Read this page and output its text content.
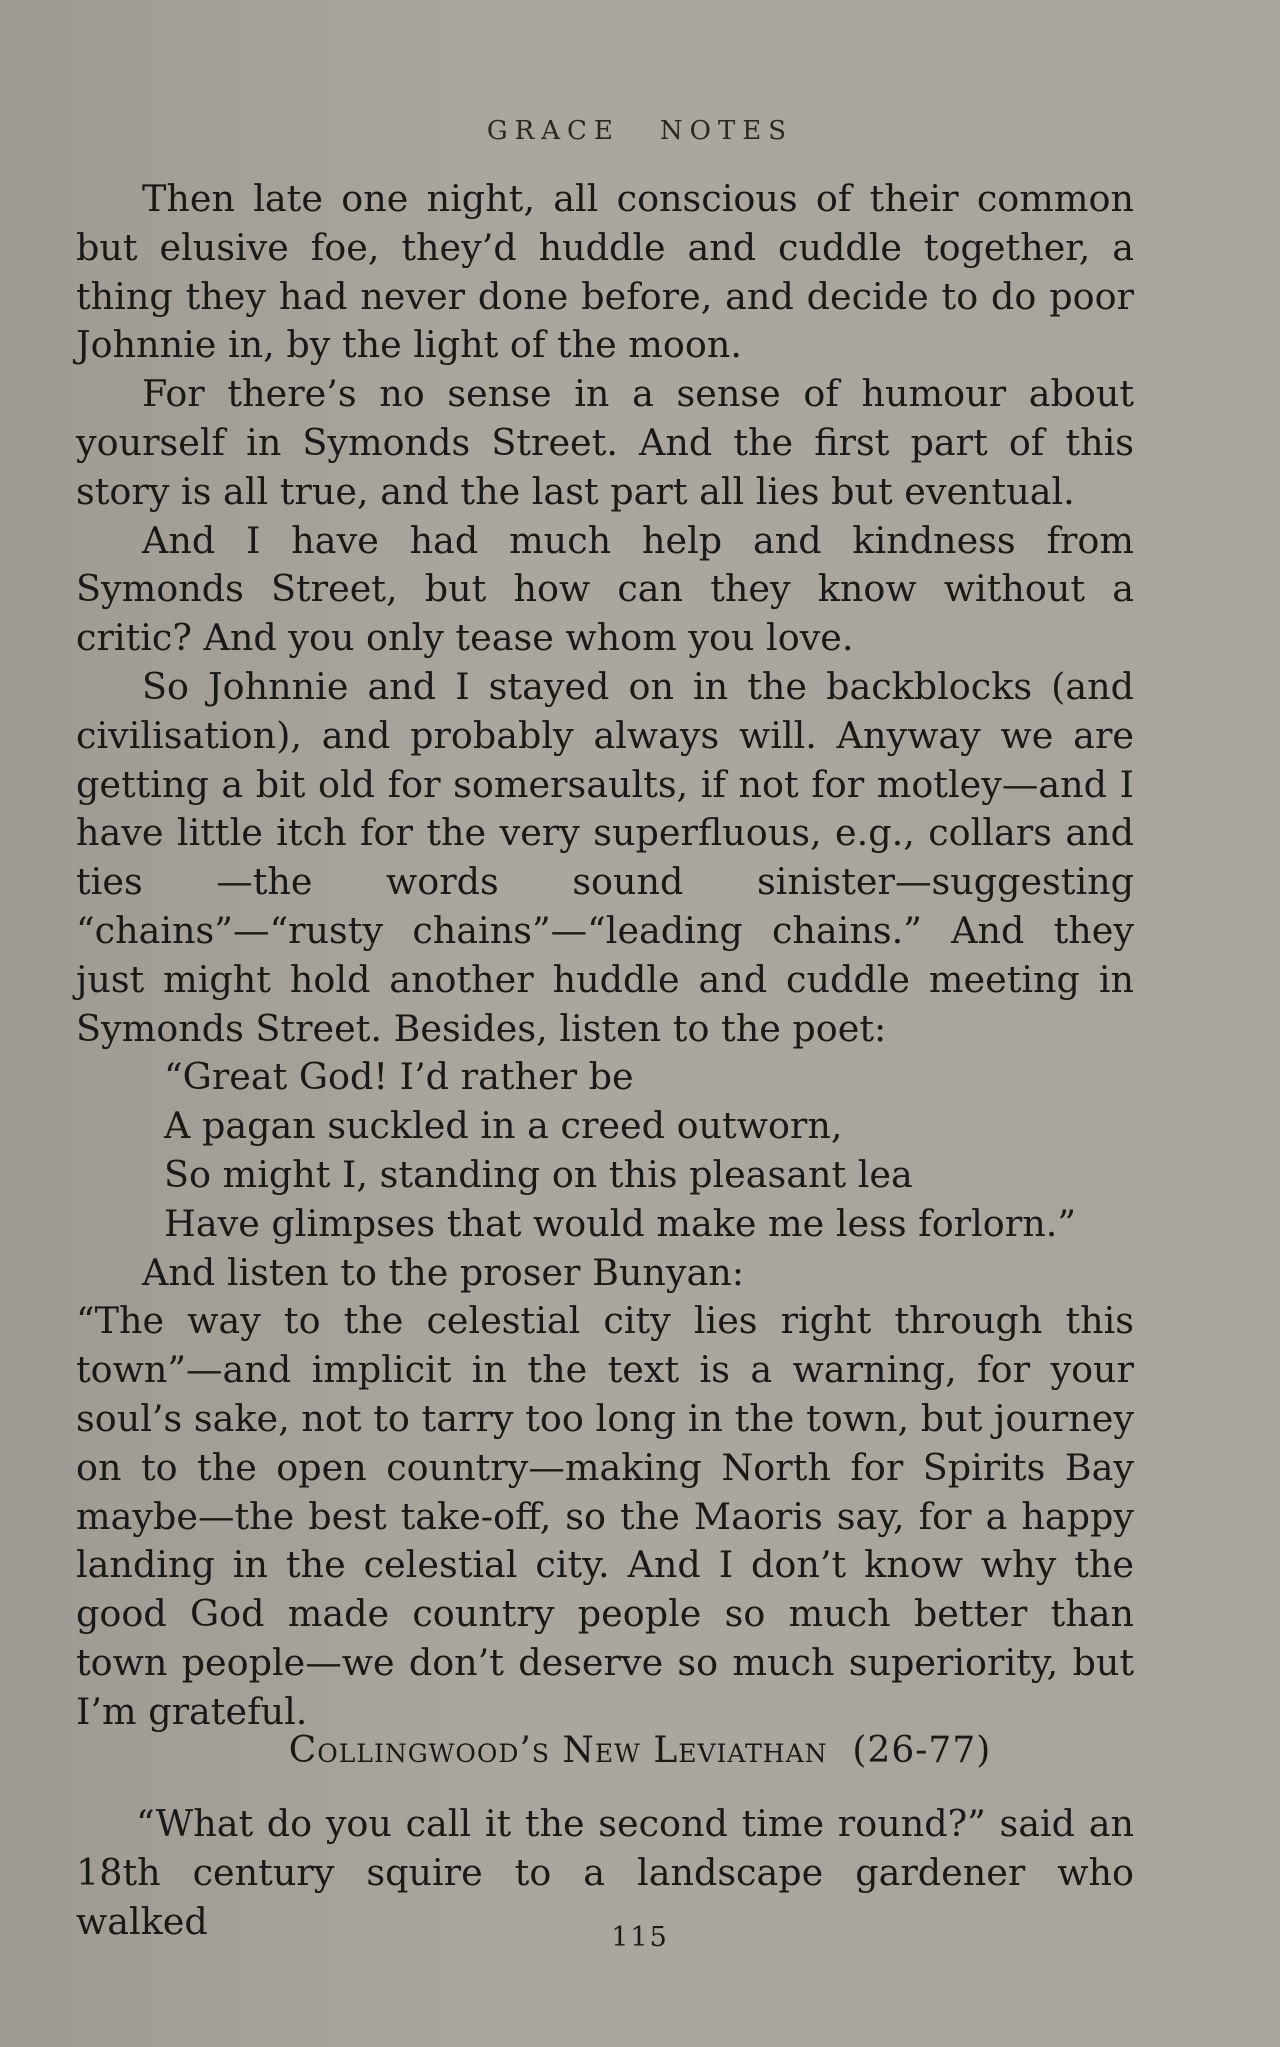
GRACE NOTES

Then late one night, all conscious of their common but elusive foe, they’d huddle and cuddle together, a thing they had never done before, and decide to do poor Johnnie in, by the light of the moon.

For there’s no sense in a sense of humour about yourself in Symonds Street. And the first part of this story is all true, and the last part all lies but eventual.

And I have had much help and kindness from Symonds Street, but how can they know without a critic? And you only tease whom you love.

So Johnnie and I stayed on in the backblocks (and civilisation), and probably always will. Anyway we are getting a bit old for somersaults, if not for motley—and I have little itch for the very superfluous, e.g., collars and ties —the words sound sinister—suggesting “chains”—“rusty chains”—“leading chains.” And they just might hold another huddle and cuddle meeting in Symonds Street. Besides, listen to the poet:

“Great God! I’d rather be
A pagan suckled in a creed outworn,
So might I, standing on this pleasant lea
Have glimpses that would make me less forlorn.”

And listen to the proser Bunyan:

“The way to the celestial city lies right through this town”—and implicit in the text is a warning, for your soul’s sake, not to tarry too long in the town, but journey on to the open country—making North for Spirits Bay maybe—the best take-off, so the Maoris say, for a happy landing in the celestial city. And I don’t know why the good God made country people so much better than town people—we don’t deserve so much superiority, but I’m grateful.

Collingwood’s New Leviathan (26-77)

“What do you call it the second time round?” said an 18th century squire to a landscape gardener who walked	115
